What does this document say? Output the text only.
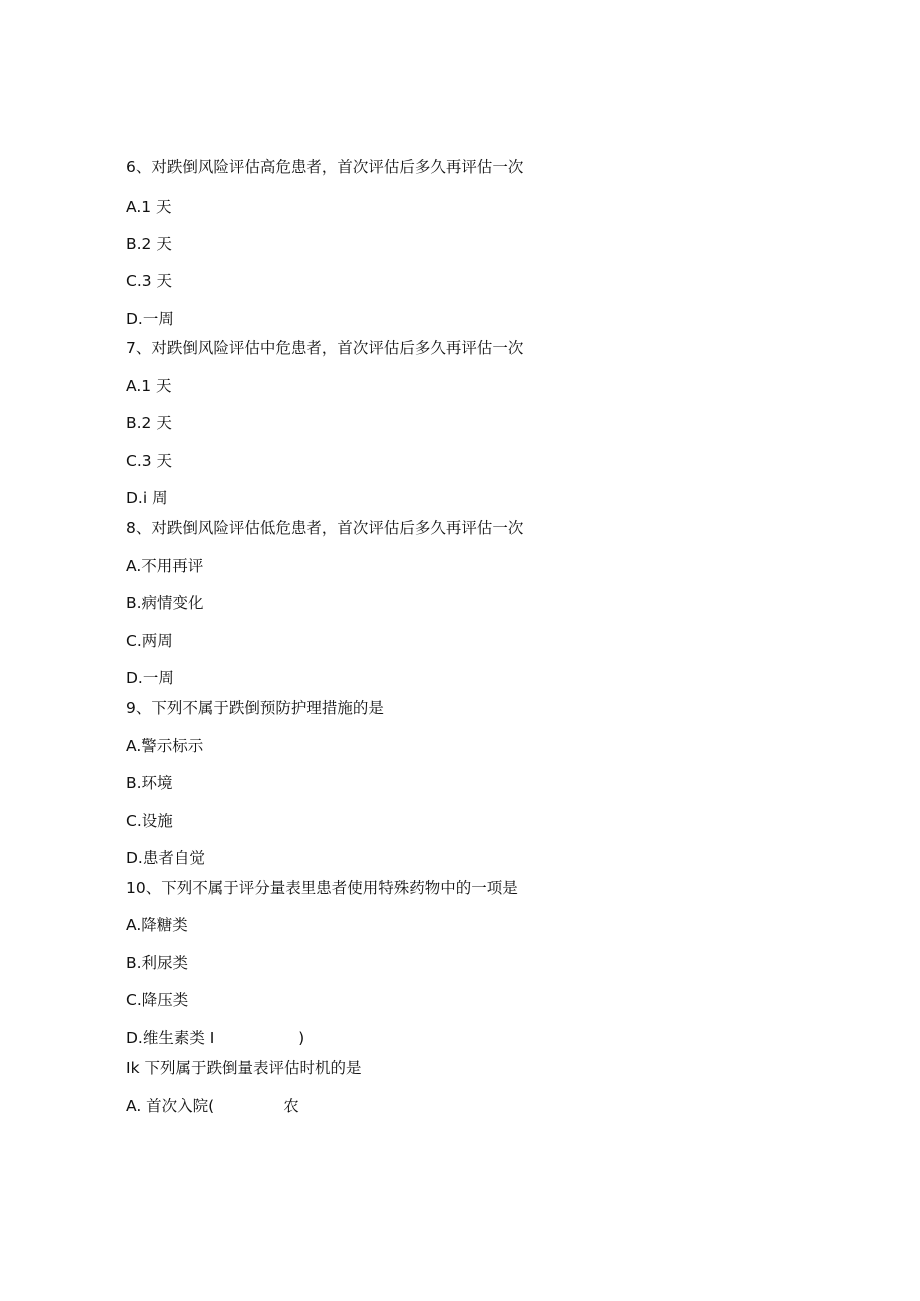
6、对跌倒风险评估高危患者，首次评估后多久再评估一次
A.1 天
B.2 天
C.3 天
D.一周
7、对跌倒风险评估中危患者，首次评估后多久再评估一次
A.1 天
B.2 天
C.3 天
D.i 周
8、对跌倒风险评估低危患者，首次评估后多久再评估一次
A.不用再评
B.病情变化
C.两周
D.一周
9、下列不属于跌倒预防护理措施的是
A.警示标示
B.环境
C.设施
D.患者自觉
10、下列不属于评分量表里患者使用特殊药物中的一项是
A.降糖类
B.利尿类
C.降压类
D.维生素类 I                 )
Ik 下列属于跌倒量表评估时机的是
A. 首次入院(              农
